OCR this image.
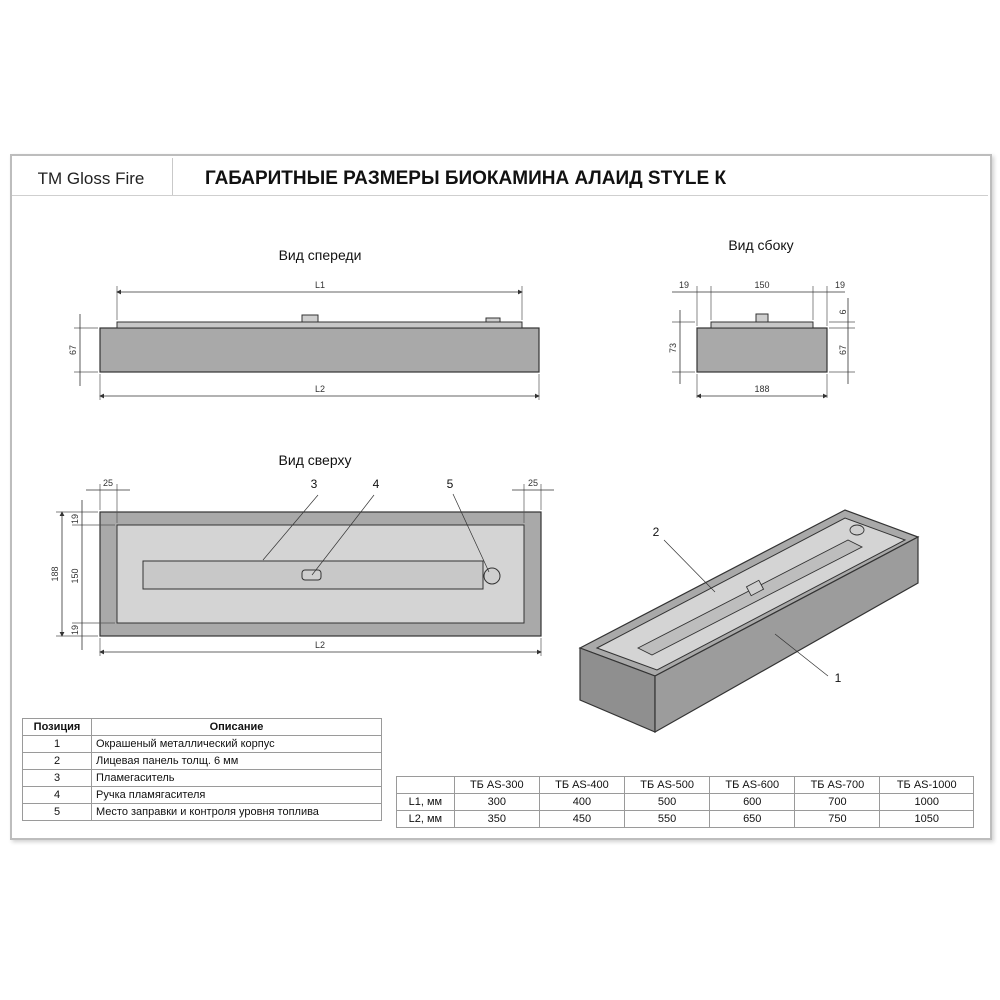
TM Gloss Fire	ГАБАРИТНЫЕ РАЗМЕРЫ БИОКАМИНА АЛАИД STYLE К
Вид спереди
L1
L2
67
Вид сбоку
19	150	19
188
73
6
67
Вид сверху
3	4	5
25	25
188
19
150
19
L2
2
1
Позиция	Описание
1	Окрашеный металлический корпус
2	Лицевая панель толщ. 6 мм
3	Пламегаситель
4	Ручка пламягасителя
5	Место заправки и контроля уровня топлива
	ТБ AS-300	ТБ AS-400	ТБ AS-500	ТБ AS-600	ТБ AS-700	ТБ AS-1000
L1, мм	300	400	500	600	700	1000
L2, мм	350	450	550	650	750	1050
